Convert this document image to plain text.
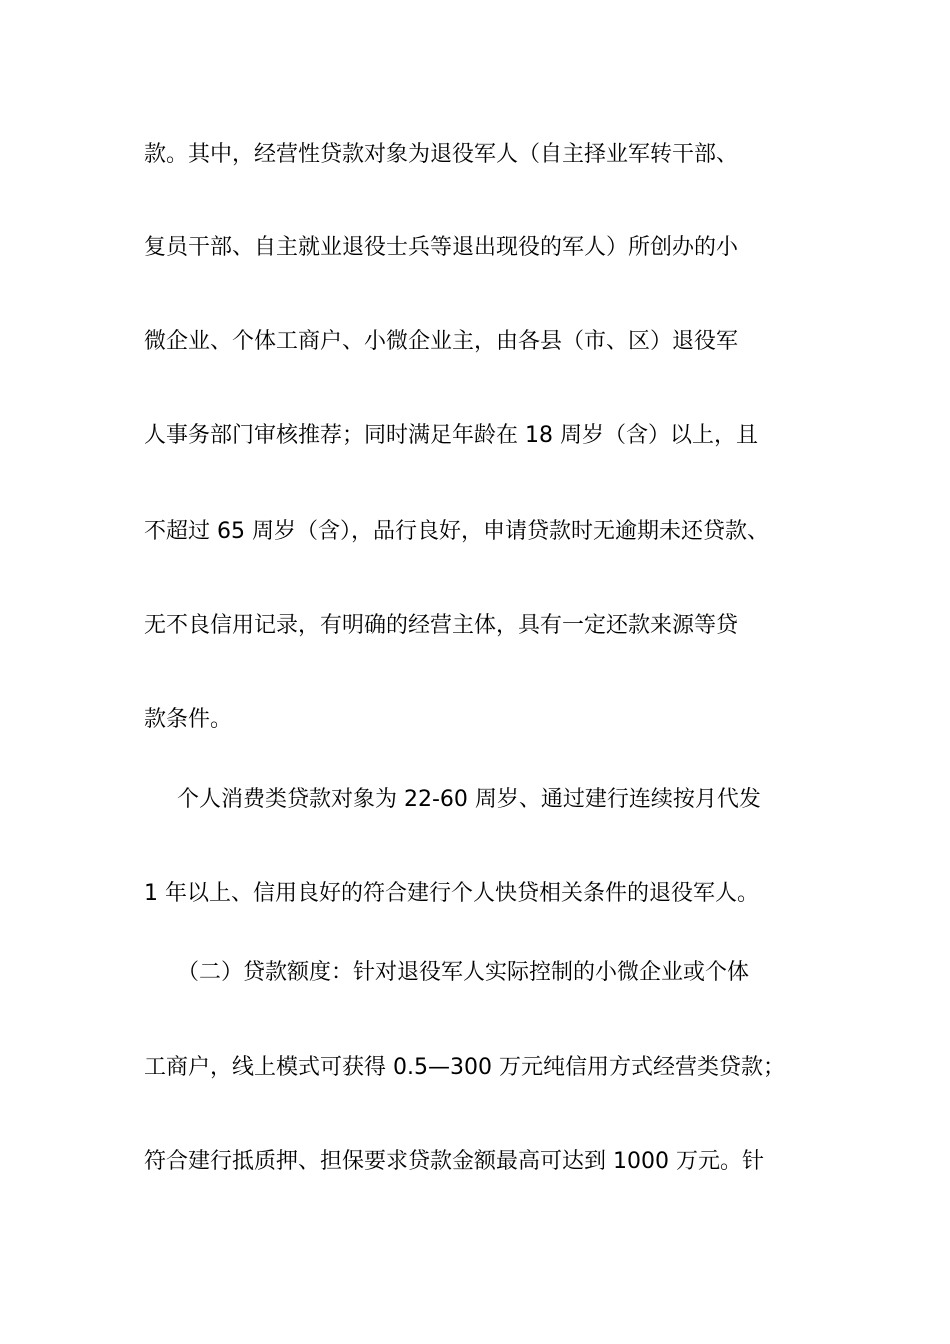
款。其中，经营性贷款对象为退役军人（自主择业军转干部、
复员干部、自主就业退役士兵等退出现役的军人）所创办的小
微企业、个体工商户、小微企业主，由各县（市、区）退役军
人事务部门审核推荐；同时满足年龄在 18 周岁（含）以上，且
不超过 65 周岁（含），品行良好，申请贷款时无逾期未还贷款、
无不良信用记录，有明确的经营主体，具有一定还款来源等贷
款条件。
个人消费类贷款对象为 22-60 周岁、通过建行连续按月代发
1 年以上、信用良好的符合建行个人快贷相关条件的退役军人。
（二）贷款额度：针对退役军人实际控制的小微企业或个体
工商户，线上模式可获得 0.5—300 万元纯信用方式经营类贷款；
符合建行抵质押、担保要求贷款金额最高可达到 1000 万元。针
